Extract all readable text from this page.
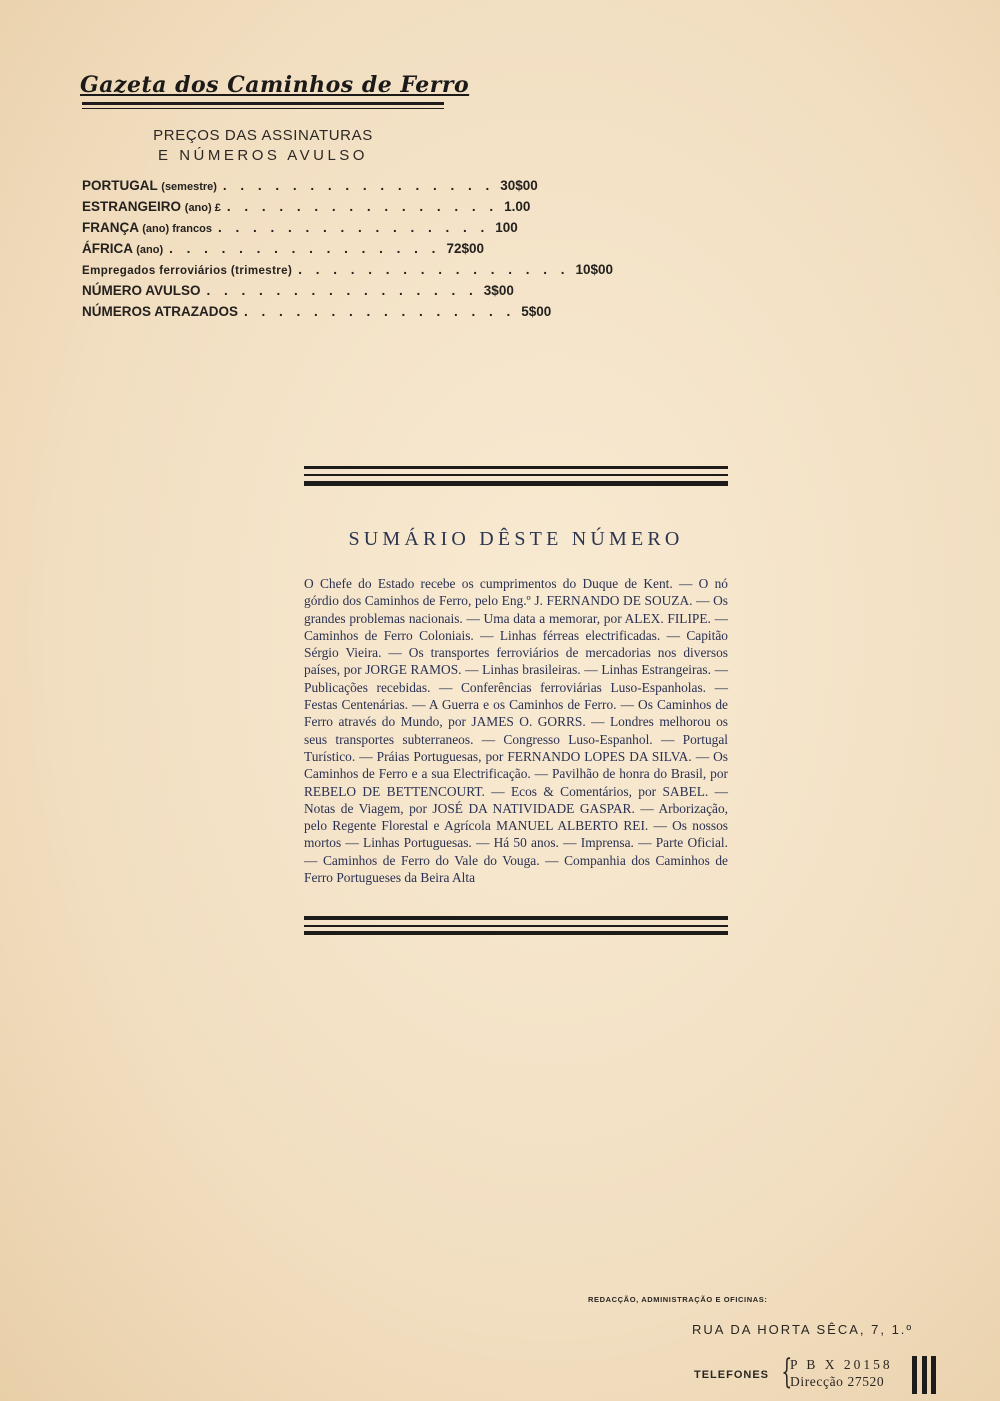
Gazeta dos Caminhos de Ferro
PREÇOS DAS ASSINATURAS
E NÚMEROS AVULSO
PORTUGAL (semestre) . . . . . . . . . . . . . . . . 30$00
ESTRANGEIRO (ano) £ . . . . . . . . . . . . . . . . 1.00
FRANÇA (ano) francos . . . . . . . . . . . . . . . . 100
ÁFRICA (ano) . . . . . . . . . . . . . . . . 72$00
Empregados ferroviários (trimestre) . . . . . . . . . . . . . . . . 10$00
NÚMERO AVULSO . . . . . . . . . . . . . . . . 3$00
NÚMEROS ATRAZADOS . . . . . . . . . . . . . . . . 5$00
SUMÁRIO DÊSTE NÚMERO
O Chefe do Estado recebe os cumprimentos do Duque de Kent. — O nó górdio dos Caminhos de Ferro, pelo Eng.º J. FERNANDO DE SOUZA. — Os grandes problemas nacionais. — Uma data a memorar, por ALEX. FILIPE. — Caminhos de Ferro Coloniais. — Linhas férreas electrificadas. — Capitão Sérgio Vieira. — Os transportes ferroviários de mercadorias nos diversos países, por JORGE RAMOS. — Linhas brasileiras. — Linhas Estrangeiras. — Publicações recebidas. — Conferências ferroviárias Luso-Espanholas. — Festas Centenárias. — A Guerra e os Caminhos de Ferro. — Os Caminhos de Ferro através do Mundo, por JAMES O. GORRS. — Londres melhorou os seus transportes subterraneos. — Congresso Luso-Espanhol. — Portugal Turístico. — Práias Portuguesas, por FERNANDO LOPES DA SILVA. — Os Caminhos de Ferro e a sua Electrificação. — Pavilhão de honra do Brasil, por REBELO DE BETTENCOURT. — Ecos & Comentários, por SABEL. — Notas de Viagem, por JOSÉ DA NATIVIDADE GASPAR. — Arborização, pelo Regente Florestal e Agrícola MANUEL ALBERTO REI. — Os nossos mortos — Linhas Portuguesas. — Há 50 anos. — Imprensa. — Parte Oficial. — Caminhos de Ferro do Vale do Vouga. — Companhia dos Caminhos de Ferro Portugueses da Beira Alta
REDACÇÃO, ADMINISTRAÇÃO E OFICINAS:
RUA DA HORTA SÊCA, 7, 1.º
TELEFONES {
P B X 20158
Direcção 27520
